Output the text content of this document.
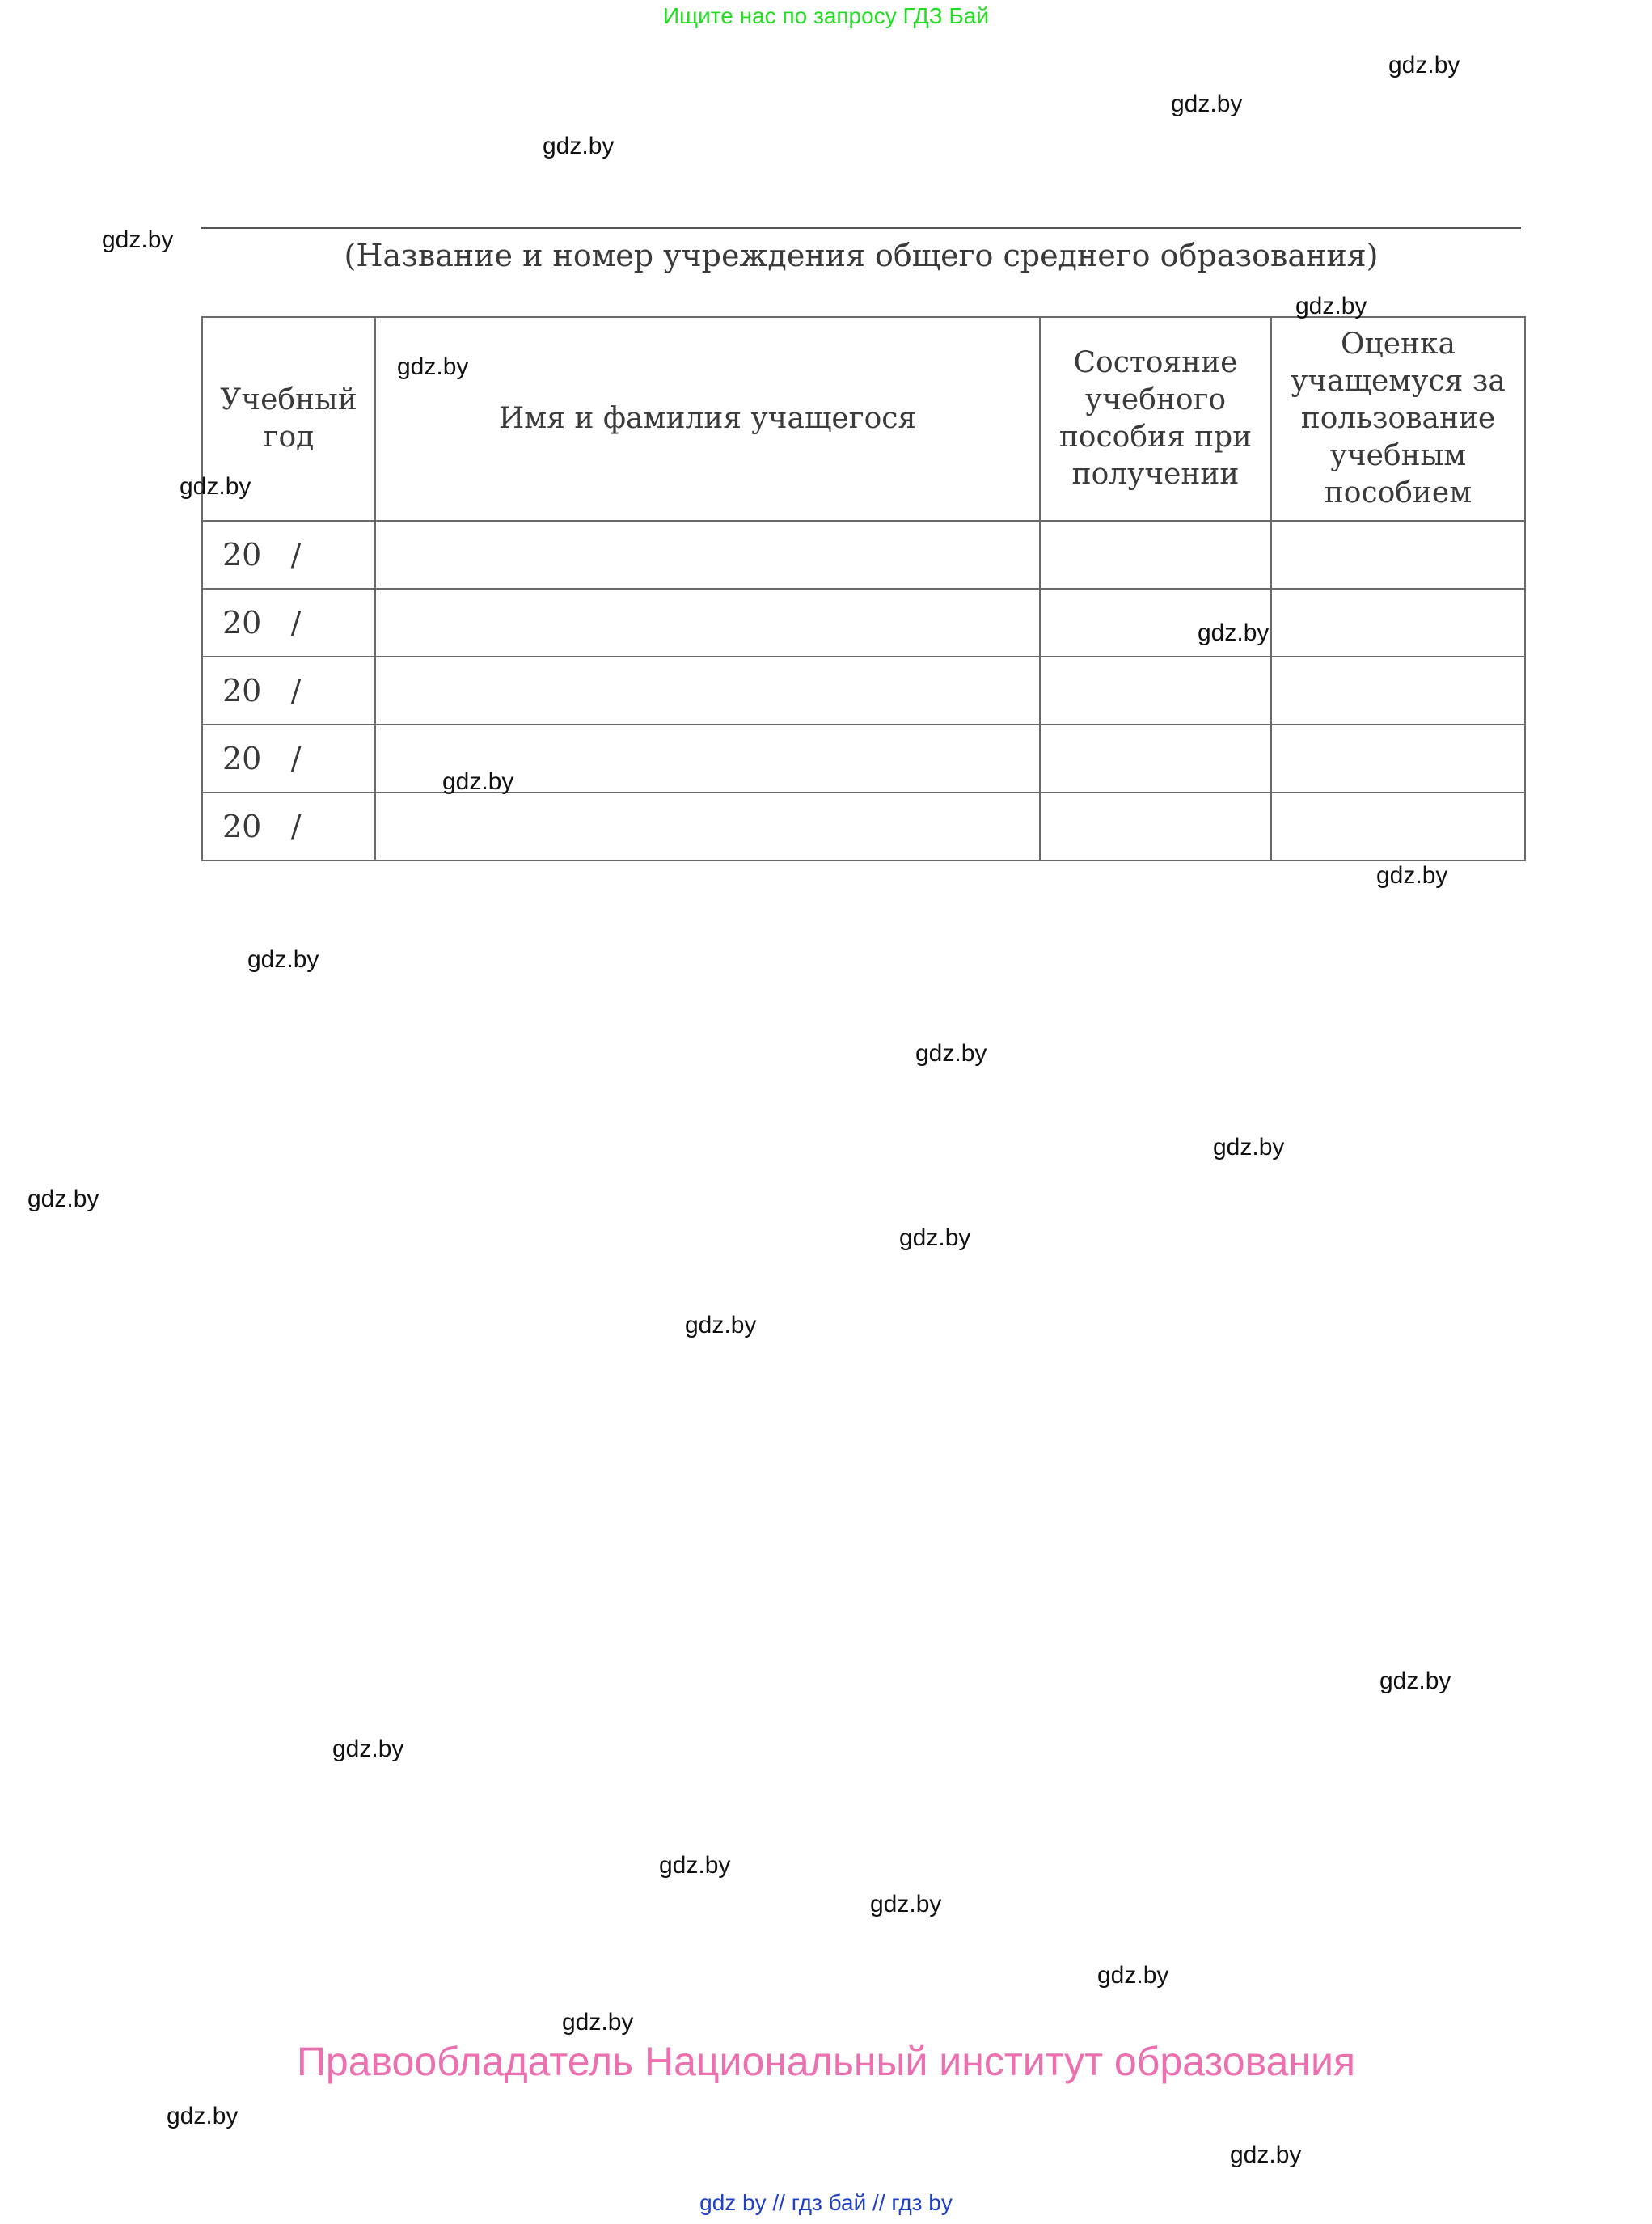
Ищите нас по запросу ГДЗ Бай
(Название и номер учреждения общего среднего образования)
Учебный год	Имя и фамилия учащегося	Состояние учебного пособия при получении	Оценка учащемуся за пользование учебным пособием

20   /			
20   /			
20   /			
20   /			
20   /			
gdz.by
gdz.by
gdz.by
gdz.by
gdz.by
gdz.by
gdz.by
gdz.by
gdz.by
gdz.by
gdz.by
gdz.by
gdz.by
gdz.by
gdz.by
gdz.by
gdz.by
gdz.by
gdz.by
gdz.by
gdz.by
gdz.by
gdz.by
gdz.by
Правообладатель Национальный институт образования
gdz by // гдз бай // гдз by
